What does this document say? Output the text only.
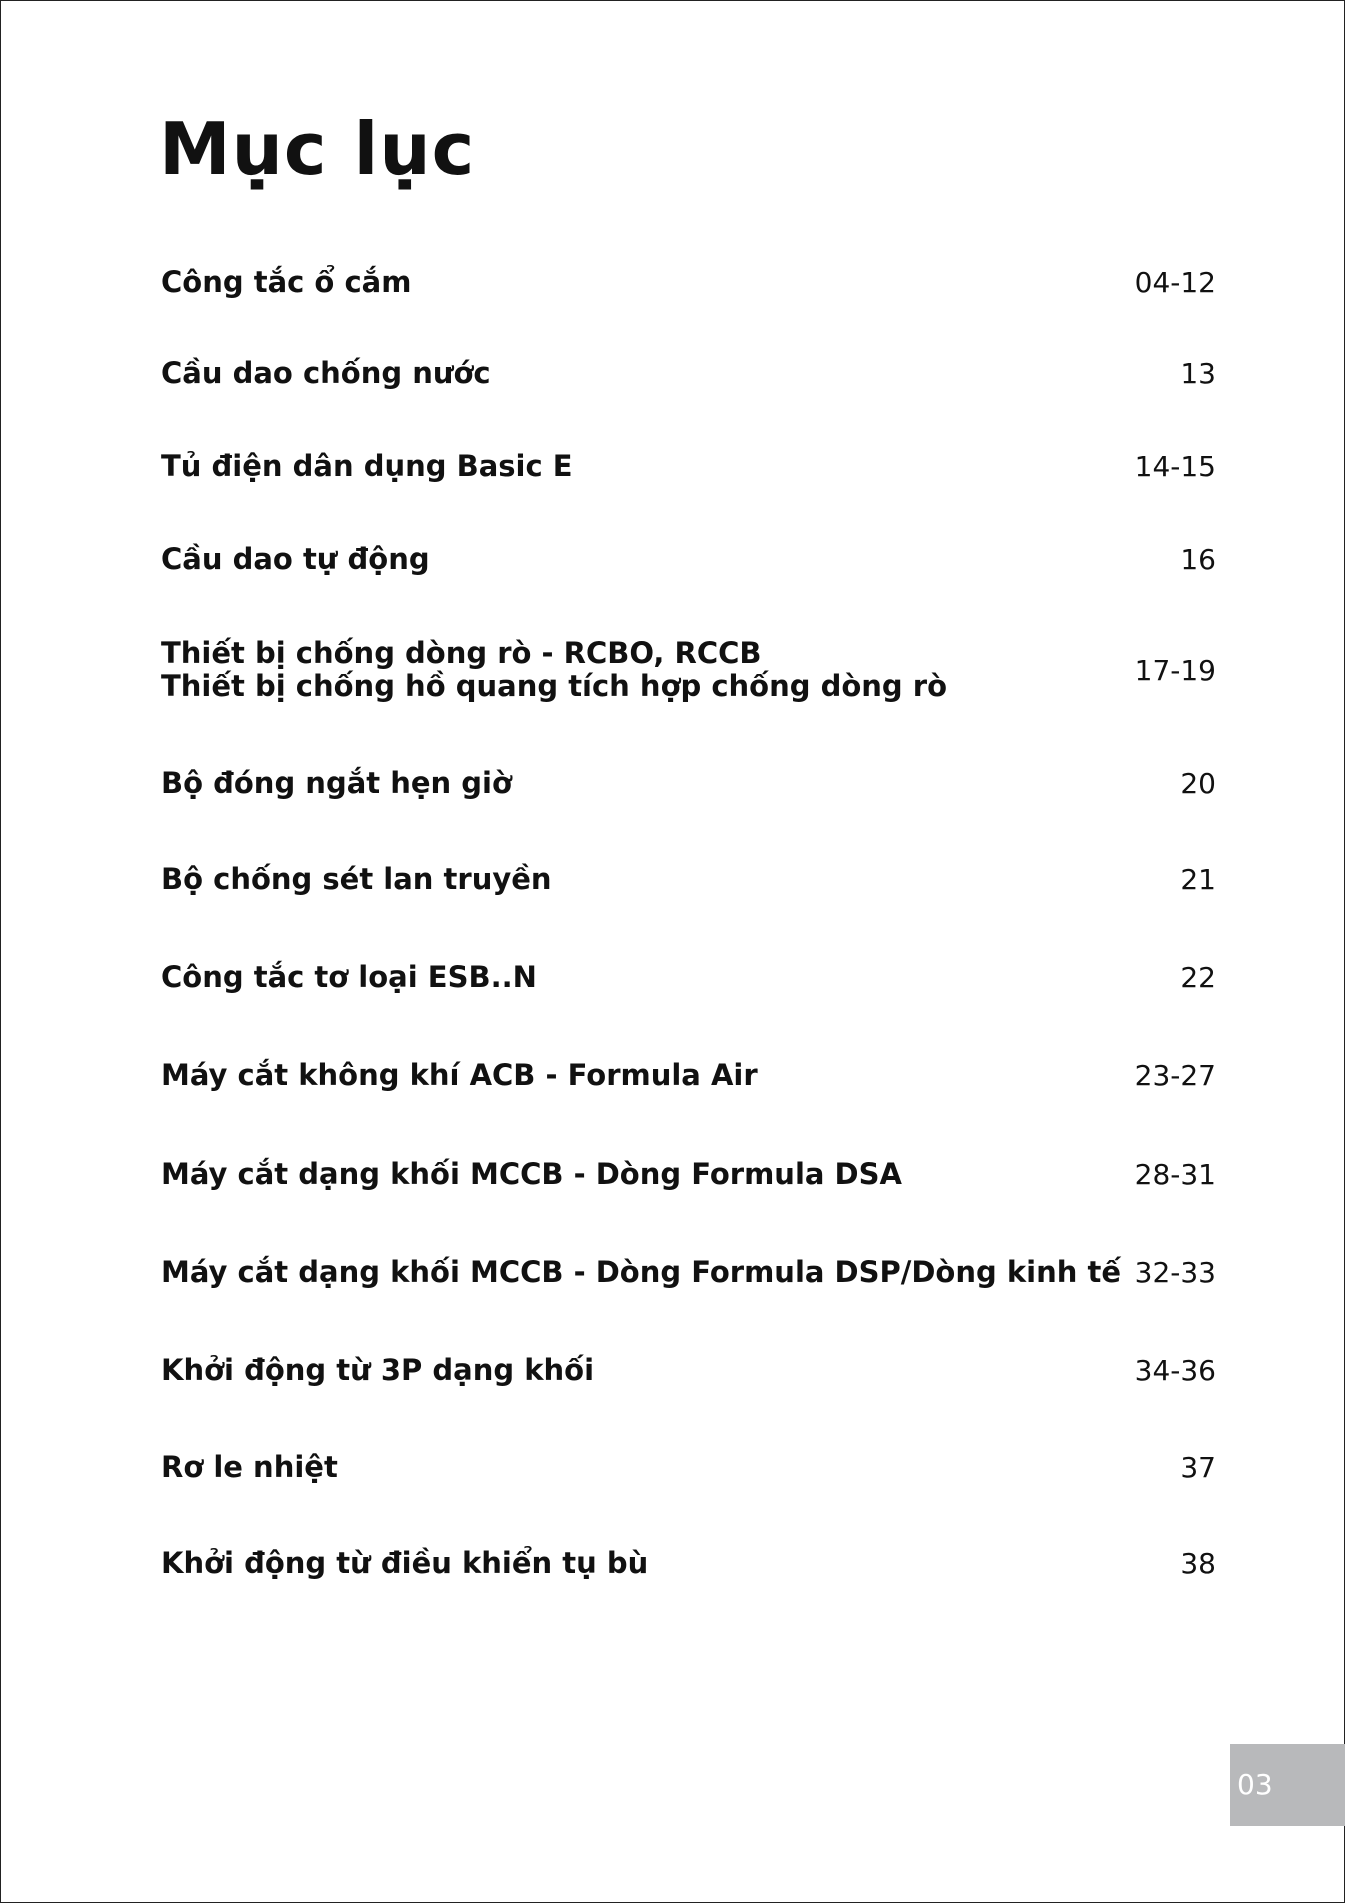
Mục lục
Công tắc ổ cắm	04-12
Cầu dao chống nước	13
Tủ điện dân dụng Basic E	14-15
Cầu dao tự động	16
Thiết bị chống dòng rò - RCBO, RCCB
Thiết bị chống hồ quang tích hợp chống dòng rò	17-19
Bộ đóng ngắt hẹn giờ	20
Bộ chống sét lan truyền	21
Công tắc tơ loại ESB..N	22
Máy cắt không khí ACB - Formula Air	23-27
Máy cắt dạng khối MCCB - Dòng Formula DSA	28-31
Máy cắt dạng khối MCCB - Dòng Formula DSP/Dòng kinh tế 32-33
Khởi động từ 3P dạng khối	34-36
Rơ le nhiệt	37
Khởi động từ điều khiển tụ bù	38
03
